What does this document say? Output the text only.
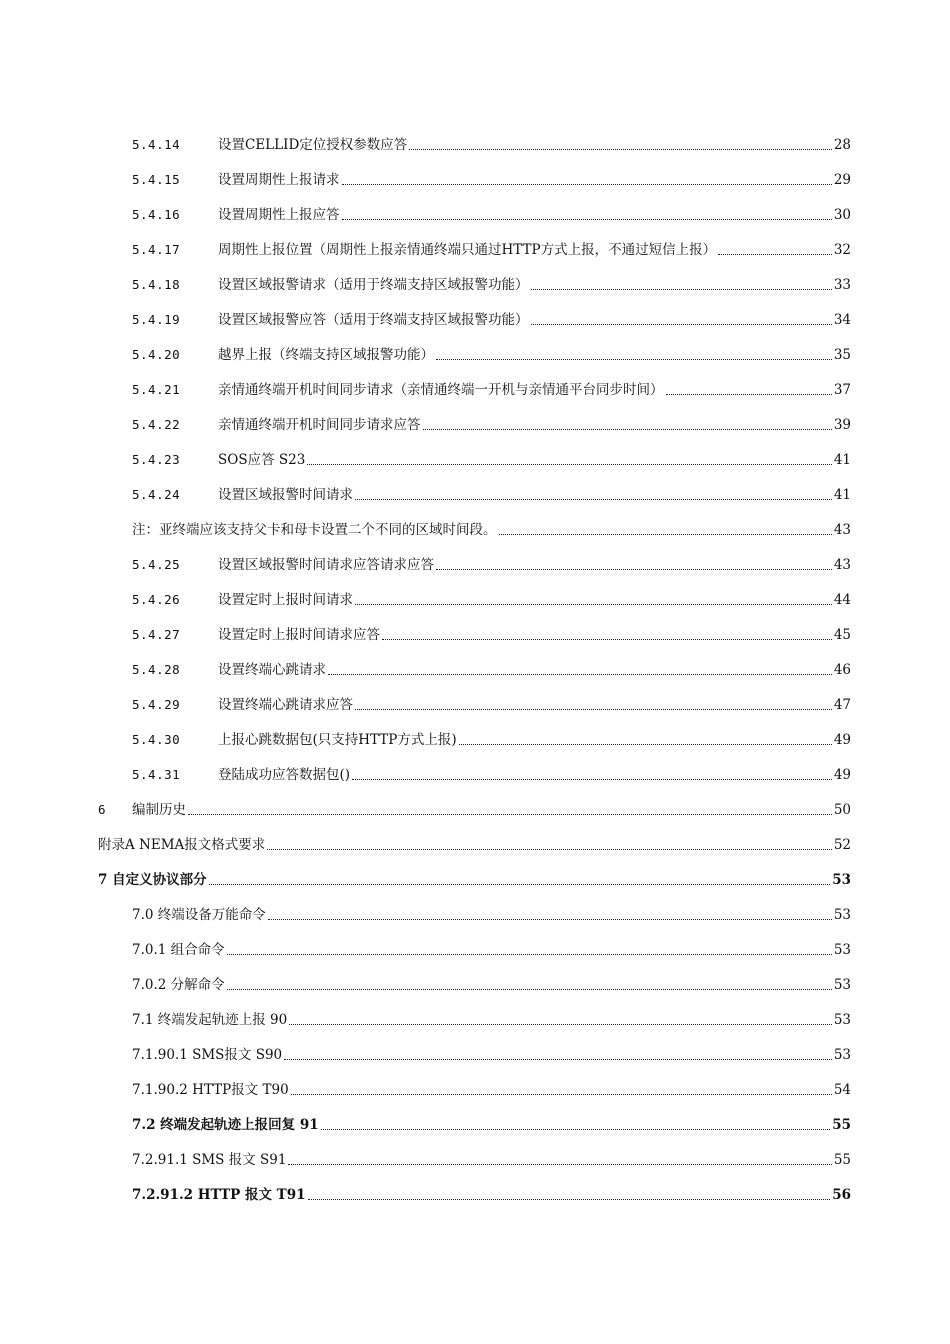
5.4.14	设置CELLID定位授权参数应答	28
5.4.15	设置周期性上报请求	29
5.4.16	设置周期性上报应答	30
5.4.17	周期性上报位置（周期性上报亲情通终端只通过HTTP方式上报，不通过短信上报）	32
5.4.18	设置区域报警请求（适用于终端支持区域报警功能）	33
5.4.19	设置区域报警应答（适用于终端支持区域报警功能）	34
5.4.20	越界上报（终端支持区域报警功能）	35
5.4.21	亲情通终端开机时间同步请求（亲情通终端一开机与亲情通平台同步时间）	37
5.4.22	亲情通终端开机时间同步请求应答	39
5.4.23	SOS应答 S23	41
5.4.24	设置区域报警时间请求	41
注：亚终端应该支持父卡和母卡设置二个不同的区域时间段。	43
5.4.25	设置区域报警时间请求应答请求应答	43
5.4.26	设置定时上报时间请求	44
5.4.27	设置定时上报时间请求应答	45
5.4.28	设置终端心跳请求	46
5.4.29	设置终端心跳请求应答	47
5.4.30	上报心跳数据包(只支持HTTP方式上报)	49
5.4.31	登陆成功应答数据包()	49
6	编制历史	50
附录A NEMA报文格式要求	52
7 自定义协议部分	53
7.0 终端设备万能命令	53
7.0.1 组合命令	53
7.0.2 分解命令	53
7.1 终端发起轨迹上报 90	53
7.1.90.1 SMS报文 S90	53
7.1.90.2 HTTP报文 T90	54
7.2 终端发起轨迹上报回复 91	55
7.2.91.1 SMS 报文 S91	55
7.2.91.2 HTTP 报文 T91	56
